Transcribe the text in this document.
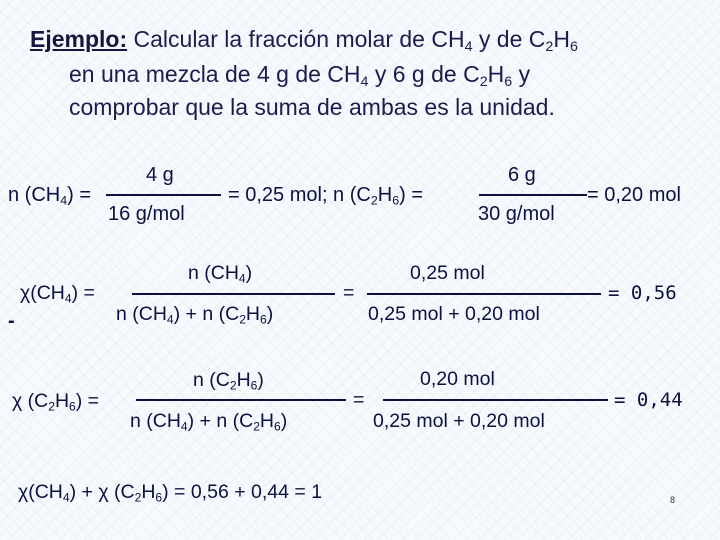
Ejemplo: Calcular la fracción molar de $CH_4$ y de $C_2H_6$
en una mezcla de 4 g de $CH_4$ y 6 g de $C_2H_6$ y
comprobar que la suma de ambas es la unidad.
n $(CH_4)$ =
4 g
16 g/mol
= 0,25 mol; n $(C_2H_6)$ =
6 g
30 g/mol
= 0,20 mol
$\chi(CH_4)$ =
-
n $(CH_4)$
n $(CH_4) + n$ $(C_2H_6)$
=
0,25 mol
0,25 mol + 0,20 mol
= 0,56
χ $(C_2H_6)$ =
n $(C_2H_6)$
n $(CH_4) + n$ $(C_2H_6)$
=
0,20 mol
0,25 mol + 0,20 mol
= 0,44
$\chi(CH_4) + \chi$ $(C_2H_6) = 0,56 + 0,44 = 1$	8
